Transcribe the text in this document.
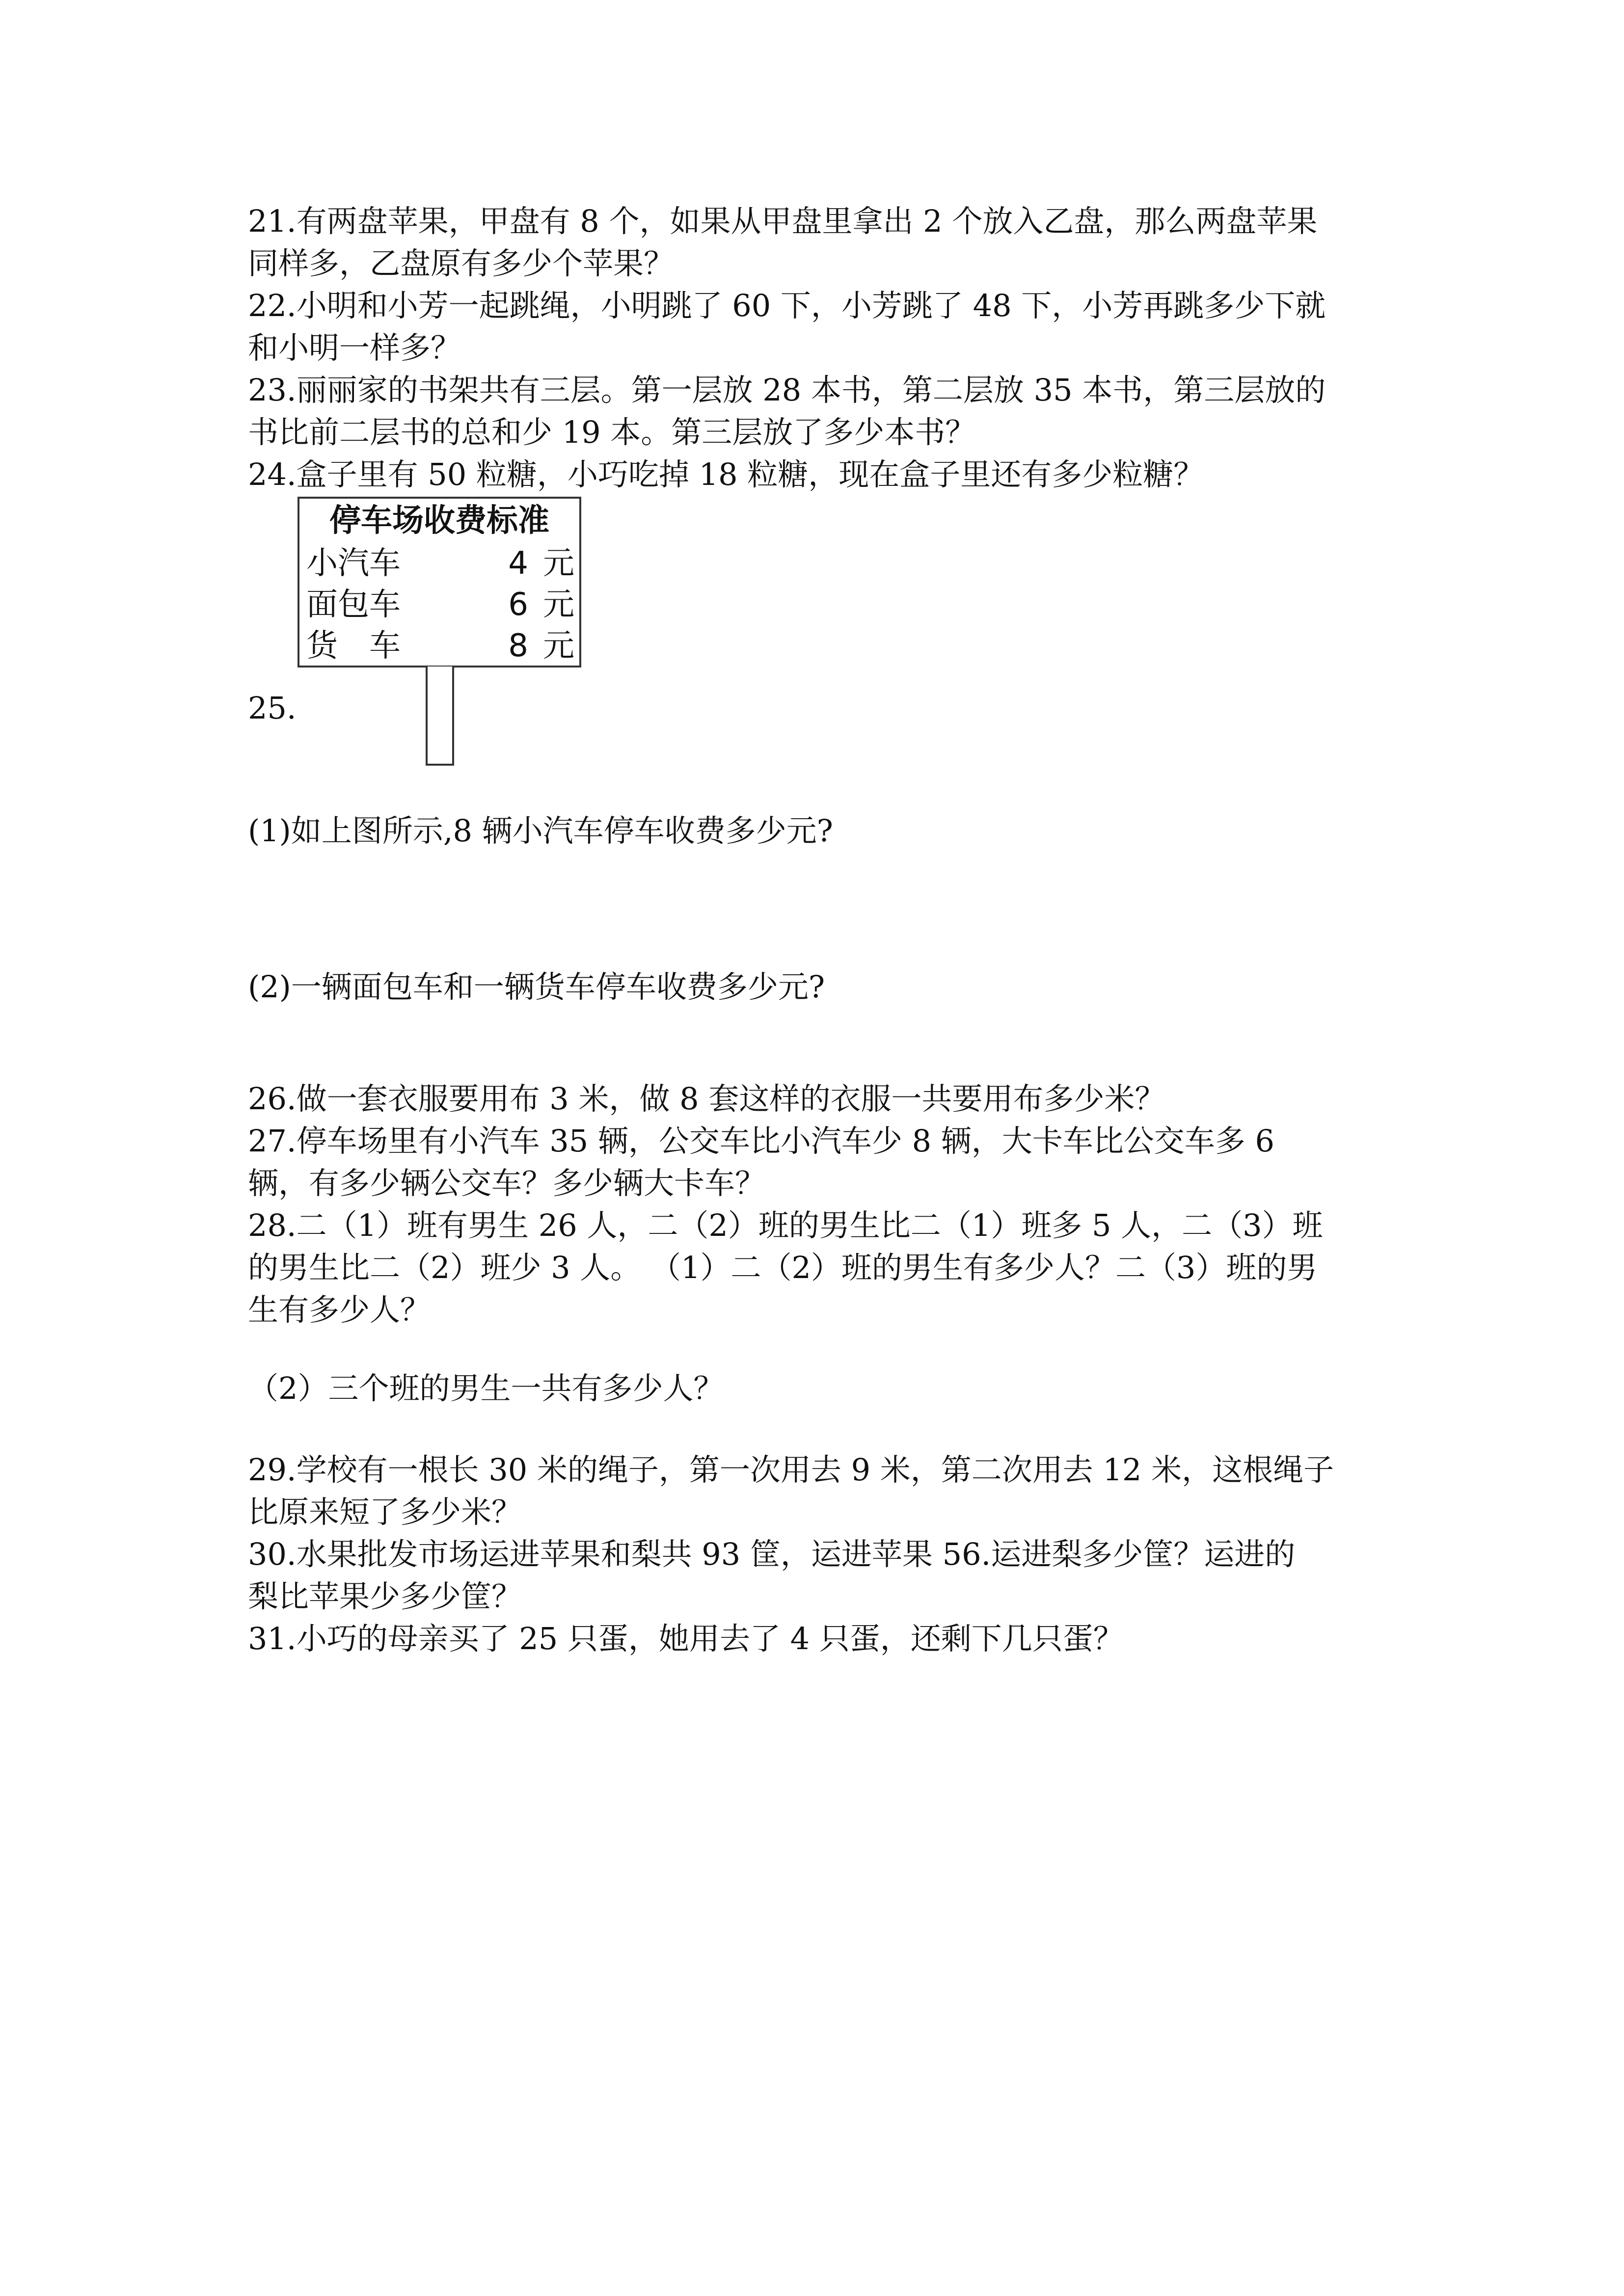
21.有两盘苹果，甲盘有 8 个，如果从甲盘里拿出 2 个放入乙盘，那么两盘苹果

同样多，乙盘原有多少个苹果？

22.小明和小芳一起跳绳，小明跳了 60 下，小芳跳了 48 下，小芳再跳多少下就

和小明一样多？

23.丽丽家的书架共有三层。第一层放 28 本书，第二层放 35 本书，第三层放的

书比前二层书的总和少 19 本。第三层放了多少本书？

24.盒子里有 50 粒糖，小巧吃掉 18 粒糖，现在盒子里还有多少粒糖？

停车场收费标准
小汽车	4 元
面包车	6 元
货　车	8 元

25.

(1)如上图所示,8 辆小汽车停车收费多少元?

(2)一辆面包车和一辆货车停车收费多少元?

26.做一套衣服要用布 3 米，做 8 套这样的衣服一共要用布多少米？

27.停车场里有小汽车 35 辆，公交车比小汽车少 8 辆，大卡车比公交车多 6

辆，有多少辆公交车？多少辆大卡车？

28.二（1）班有男生 26 人，二（2）班的男生比二（1）班多 5 人，二（3）班

的男生比二（2）班少 3 人。 （1）二（2）班的男生有多少人？二（3）班的男

生有多少人？

（2）三个班的男生一共有多少人？

29.学校有一根长 30 米的绳子，第一次用去 9 米，第二次用去 12 米，这根绳子

比原来短了多少米？

30.水果批发市场运进苹果和梨共 93 筐，运进苹果 56.运进梨多少筐？运进的

梨比苹果少多少筐？

31.小巧的母亲买了 25 只蛋，她用去了 4 只蛋，还剩下几只蛋？
